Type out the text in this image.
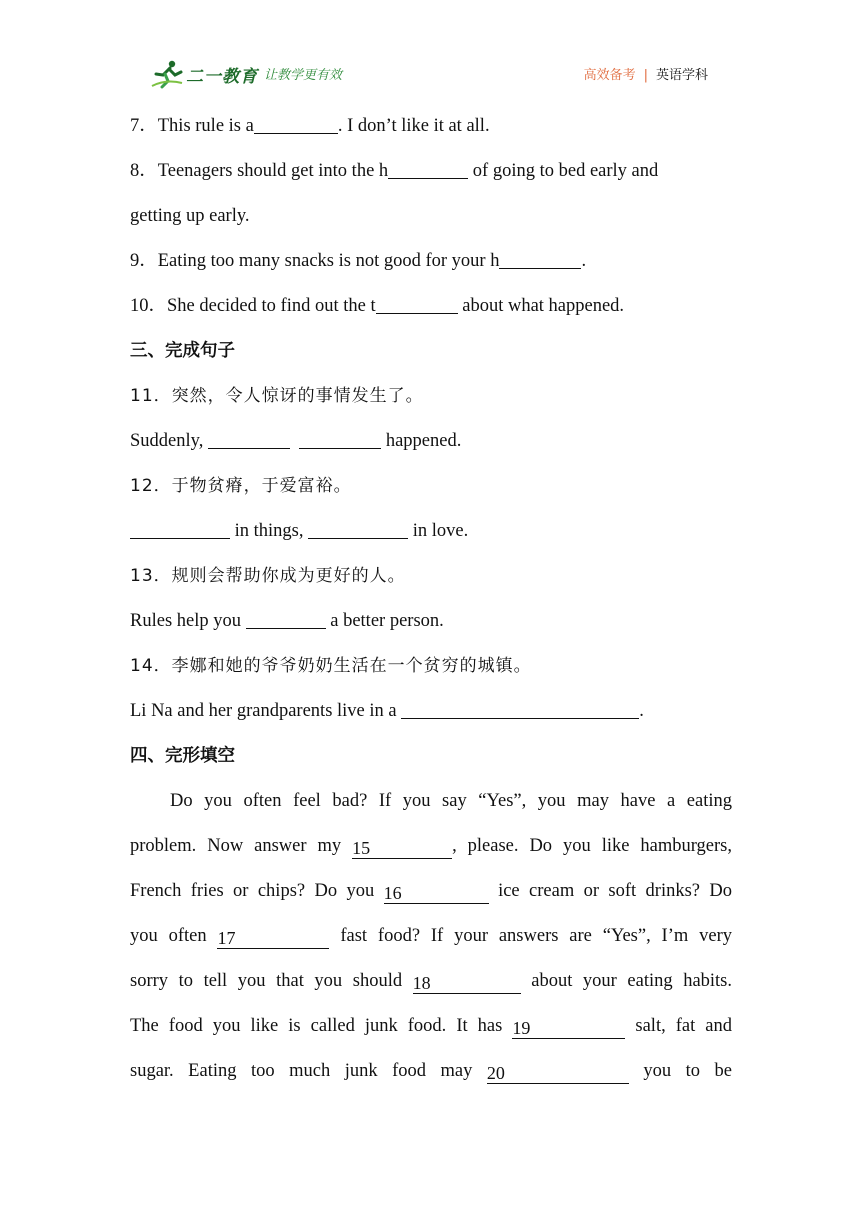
二一教育 让教学更有效	高效备考 | 英语学科
7．This rule is a	. I don’t like it at all.
8．Teenagers should get into the h	of going to bed early and
getting up early.
9．Eating too many snacks is not good for your h	.
10．She decided to find out the t	about what happened.
三、完成句子
11．突然，令人惊讶的事情发生了。
Suddenly,	happened.
12．于物贫瘠，于爱富裕。
in things,	in love.
13．规则会帮助你成为更好的人。
Rules help you	a better person.
14．李娜和她的爷爷奶奶生活在一个贫穷的城镇。
Li Na and her grandparents live in a	.
四、完形填空
Do you often feel bad? If you say “Yes”, you may have a eating
problem. Now answer my 15	, please. Do you like hamburgers,
French fries or chips? Do you 16	ice cream or soft drinks? Do
you often 17	fast food? If your answers are “Yes”, I’m very
sorry to tell you that you should 18	about your eating habits.
The food you like is called junk food. It has 19	salt, fat and
sugar. Eating too much junk food may 20	you to be
